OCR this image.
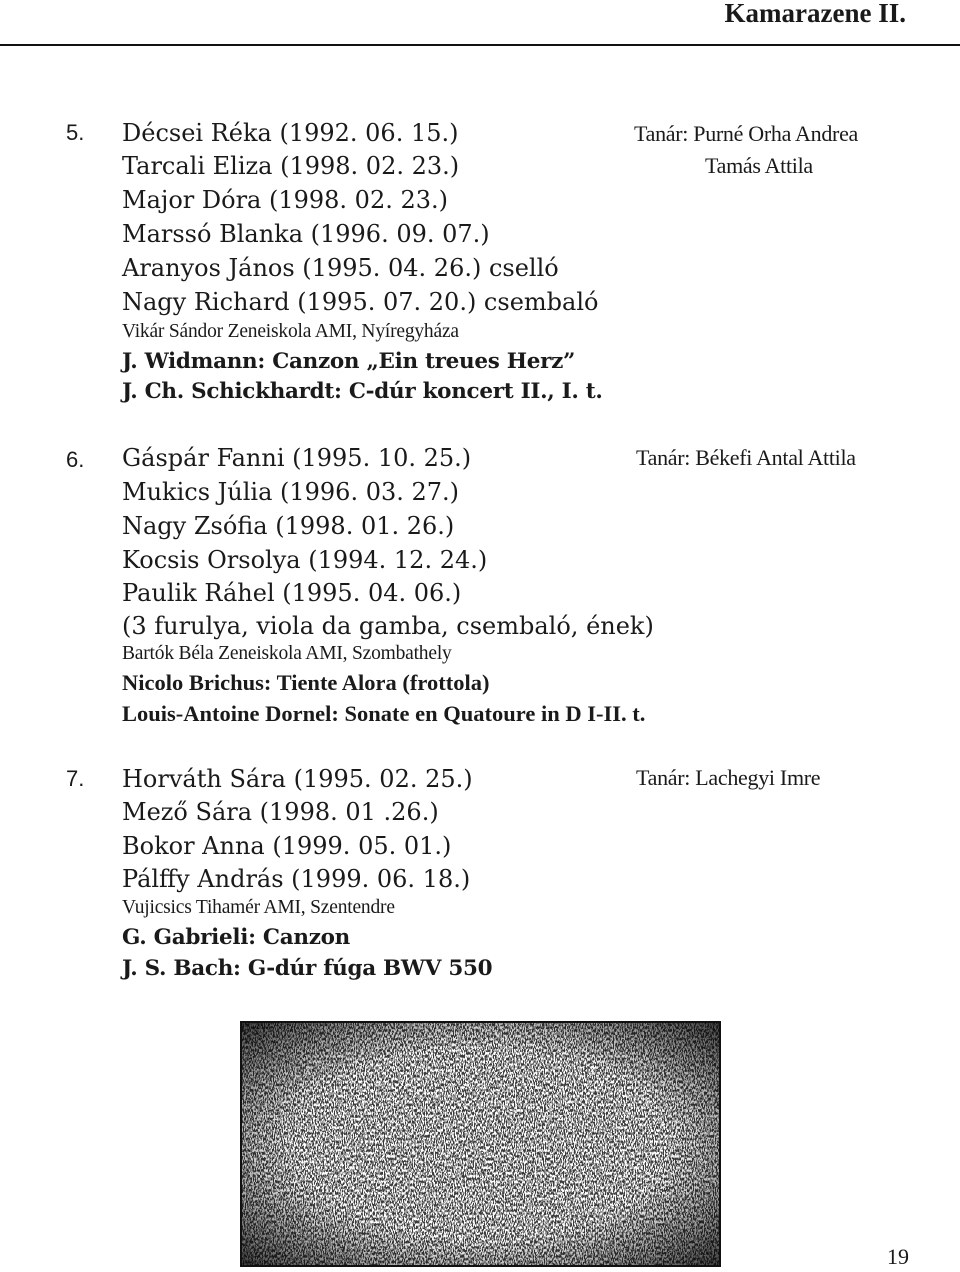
Kamarazene II.
5. Décsei Réka (1992. 06. 15.)
Tarcali Eliza (1998. 02. 23.)
Major Dóra (1998. 02. 23.)
Marssó Blanka (1996. 09. 07.)
Aranyos János (1995. 04. 26.) cselló
Nagy Richard (1995. 07. 20.) csembaló
Vikár Sándor Zeneiskola AMI, Nyíregyháza
J. Widmann: Canzon „Ein treues Herz”
J. Ch. Schickhardt: C-dúr koncert II., I. t.
Tanár: Purné Orha Andrea
Tamás Attila
6. Gáspár Fanni (1995. 10. 25.)
Mukics Júlia (1996. 03. 27.)
Nagy Zsófia (1998. 01. 26.)
Kocsis Orsolya (1994. 12. 24.)
Paulik Ráhel (1995. 04. 06.)
(3 furulya, viola da gamba, csembaló, ének)
Bartók Béla Zeneiskola AMI, Szombathely
Nicolo Brichus: Tiente Alora (frottola)
Louis-Antoine Dornel: Sonate en Quatoure in D I-II. t.
Tanár: Békefi Antal Attila
7. Horváth Sára (1995. 02. 25.)
Mező Sára (1998. 01 .26.)
Bokor Anna (1999. 05. 01.)
Pálffy András (1999. 06. 18.)
Vujicsics Tihamér AMI, Szentendre
G. Gabrieli: Canzon
J. S. Bach: G-dúr fúga BWV 550
Tanár: Lachegyi Imre
19
